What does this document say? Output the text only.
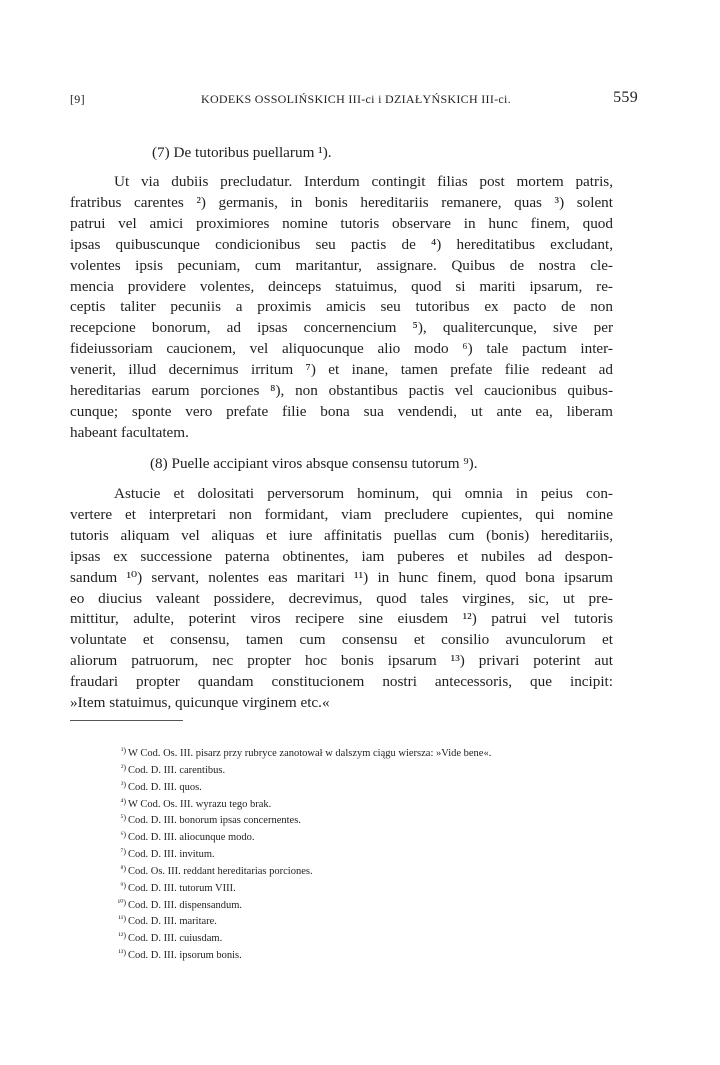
[9]	KODEKS OSSOLIŃSKICH III-ci i DZIAŁYŃSKICH III-ci.	559
(7) De tutoribus puellarum ¹).
Ut via dubiis precludatur. Interdum contingit filias post mortem patris,
fratribus carentes ²) germanis, in bonis hereditariis remanere, quas ³) solent
patrui vel amici proximiores nomine tutoris observare in hunc finem, quod
ipsas quibuscunque condicionibus seu pactis de ⁴) hereditatibus excludant,
volentes ipsis pecuniam, cum maritantur, assignare. Quibus de nostra cle-
mencia providere volentes, deinceps statuimus, quod si mariti ipsarum, re-
ceptis taliter pecuniis a proximis amicis seu tutoribus ex pacto de non
recepcione bonorum, ad ipsas concernencium ⁵), qualitercunque, sive per
fideiussoriam caucionem, vel aliquocunque alio modo ⁶) tale pactum inter-
venerit, illud decernimus irritum ⁷) et inane, tamen prefate filie redeant ad
hereditarias earum porciones ⁸), non obstantibus pactis vel caucionibus quibus-
cunque; sponte vero prefate filie bona sua vendendi, ut ante ea, liberam
habeant facultatem.
(8) Puelle accipiant viros absque consensu tutorum ⁹).
Astucie et dolositati perversorum hominum, qui omnia in peius con-
vertere et interpretari non formidant, viam precludere cupientes, qui nomine
tutoris aliquam vel aliquas et iure affinitatis puellas cum (bonis) hereditariis,
ipsas ex successione paterna obtinentes, iam puberes et nubiles ad despon-
sandum ¹⁰) servant, nolentes eas maritari ¹¹) in hunc finem, quod bona ipsarum
eo diucius valeant possidere, decrevimus, quod tales virgines, sic, ut pre-
mittitur, adulte, poterint viros recipere sine eiusdem ¹²) patrui vel tutoris
voluntate et consensu, tamen cum consensu et consilio avunculorum et
aliorum patruorum, nec propter hoc bonis ipsarum ¹³) privari poterint aut
fraudari propter quandam constitucionem nostri antecessoris, que incipit:
»Item statuimus, quicunque virginem etc.«
¹) W Cod. Os. III. pisarz przy rubryce zanotował w dalszym ciągu wiersza: »Vide bene«.
²) Cod. D. III. carentibus.
³) Cod. D. III. quos.
⁴) W Cod. Os. III. wyrazu tego brak.
⁵) Cod. D. III. bonorum ipsas concernentes.
⁶) Cod. D. III. aliocunque modo.
⁷) Cod. D. III. invitum.
⁸) Cod. Os. III. reddant hereditarias porciones.
⁹) Cod. D. III. tutorum VIII.
¹⁰) Cod. D. III. dispensandum.
¹¹) Cod. D. III. maritare.
¹²) Cod. D. III. cuiusdam.
¹³) Cod. D. III. ipsorum bonis.
